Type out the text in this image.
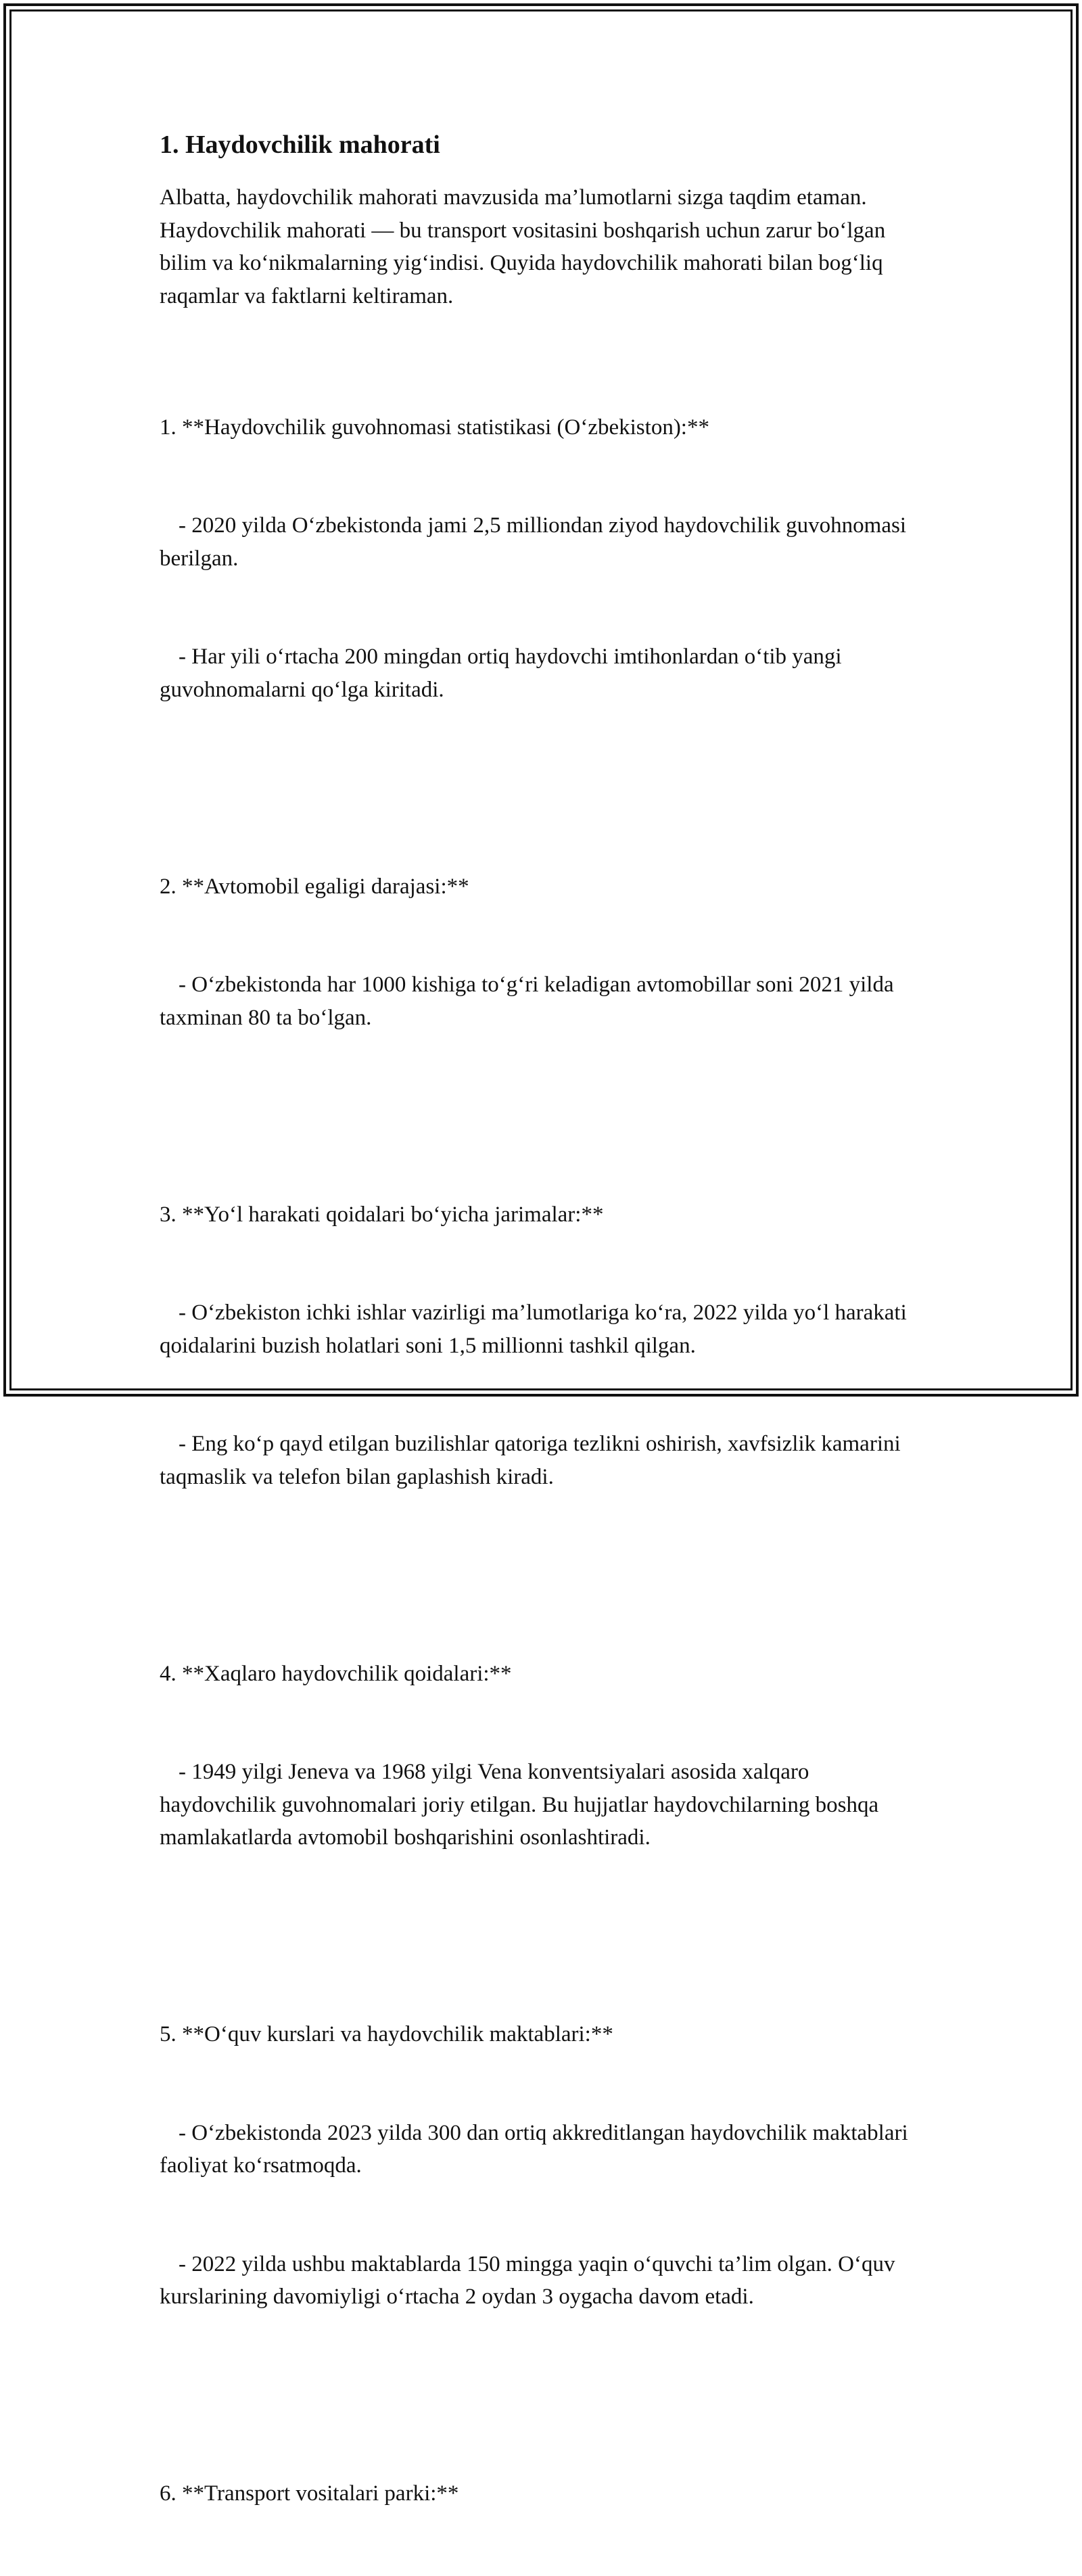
1. Haydovchilik mahorati

Albatta, haydovchilik mahorati mavzusida ma’lumotlarni sizga taqdim etaman. Haydovchilik mahorati — bu transport vositasini boshqarish uchun zarur bo‘lgan bilim va ko‘nikmalarning yig‘indisi. Quyida haydovchilik mahorati bilan bog‘liq raqamlar va faktlarni keltiraman.

1. **Haydovchilik guvohnomasi statistikasi (O‘zbekiston):**

- 2020 yilda O‘zbekistonda jami 2,5 milliondan ziyod haydovchilik guvohnomasi berilgan.

- Har yili o‘rtacha 200 mingdan ortiq haydovchi imtihonlardan o‘tib yangi guvohnomalarni qo‘lga kiritadi.

2. **Avtomobil egaligi darajasi:**

- O‘zbekistonda har 1000 kishiga to‘g‘ri keladigan avtomobillar soni 2021 yilda taxminan 80 ta bo‘lgan.

3. **Yo‘l harakati qoidalari bo‘yicha jarimalar:**

- O‘zbekiston ichki ishlar vazirligi ma’lumotlariga ko‘ra, 2022 yilda yo‘l harakati qoidalarini buzish holatlari soni 1,5 millionni tashkil qilgan.

- Eng ko‘p qayd etilgan buzilishlar qatoriga tezlikni oshirish, xavfsizlik kamarini taqmaslik va telefon bilan gaplashish kiradi.

4. **Xaqlaro haydovchilik qoidalari:**

- 1949 yilgi Jeneva va 1968 yilgi Vena konventsiyalari asosida xalqaro haydovchilik guvohnomalari joriy etilgan. Bu hujjatlar haydovchilarning boshqa mamlakatlarda avtomobil boshqarishini osonlashtiradi.

5. **O‘quv kurslari va haydovchilik maktablari:**

- O‘zbekistonda 2023 yilda 300 dan ortiq akkreditlangan haydovchilik maktablari faoliyat ko‘rsatmoqda.

- 2022 yilda ushbu maktablarda 150 mingga yaqin o‘quvchi ta’lim olgan. O‘quv kurslarining davomiyligi o‘rtacha 2 oydan 3 oygacha davom etadi.

6. **Transport vositalari parki:**
